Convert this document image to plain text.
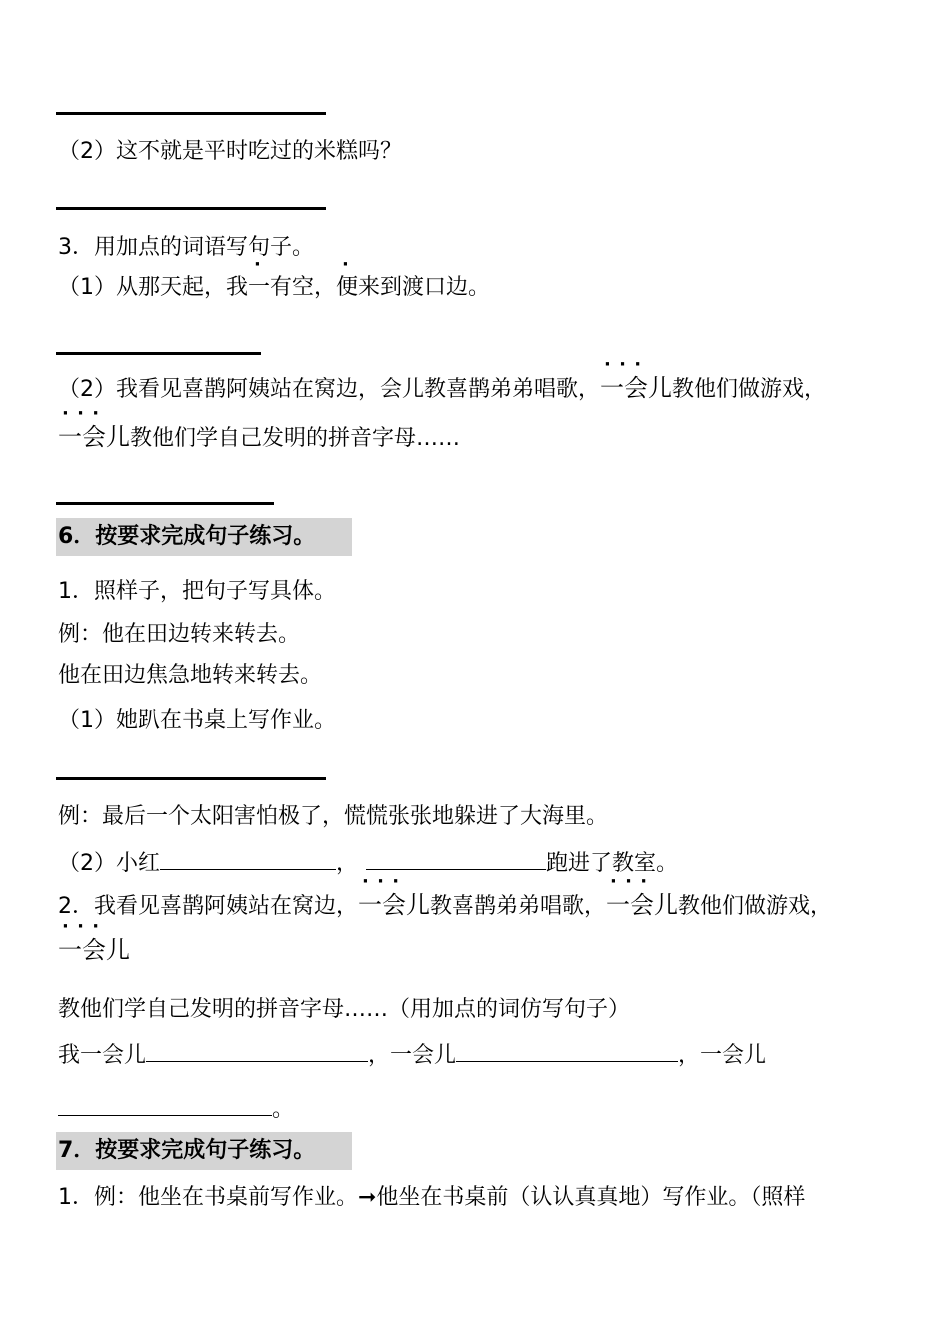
（2）这不就是平时吃过的米糕吗？
3．用加点的词语写句子。
（1）从那天起，我一有空，便来到渡口边。
（2）我看见喜鹊阿姨站在窝边，会儿教喜鹊弟弟唱歌，· · · 一会儿教他们做游戏，
· · · 一会儿教他们学自己发明的拼音字母……
6．按要求完成句子练习。
1．照样子，把句子写具体。
例：他在田边转来转去。
他在田边焦急地转来转去。
（1）她趴在书桌上写作业。
例：最后一个太阳害怕极了，慌慌张张地躲进了大海里。
（2）小红	，	跑进了教室。
2．我看见喜鹊阿姨站在窝边，· · · 一会儿教喜鹊弟弟唱歌，· · · 一会儿教他们做游戏，
· · · 一会儿
教他们学自己发明的拼音字母……（用加点的词仿写句子）
我一会儿	，一会儿	，一会儿
。
7．按要求完成句子练习。
1．例：他坐在书桌前写作业。➞他坐在书桌前（认认真真地）写作业。（照样
